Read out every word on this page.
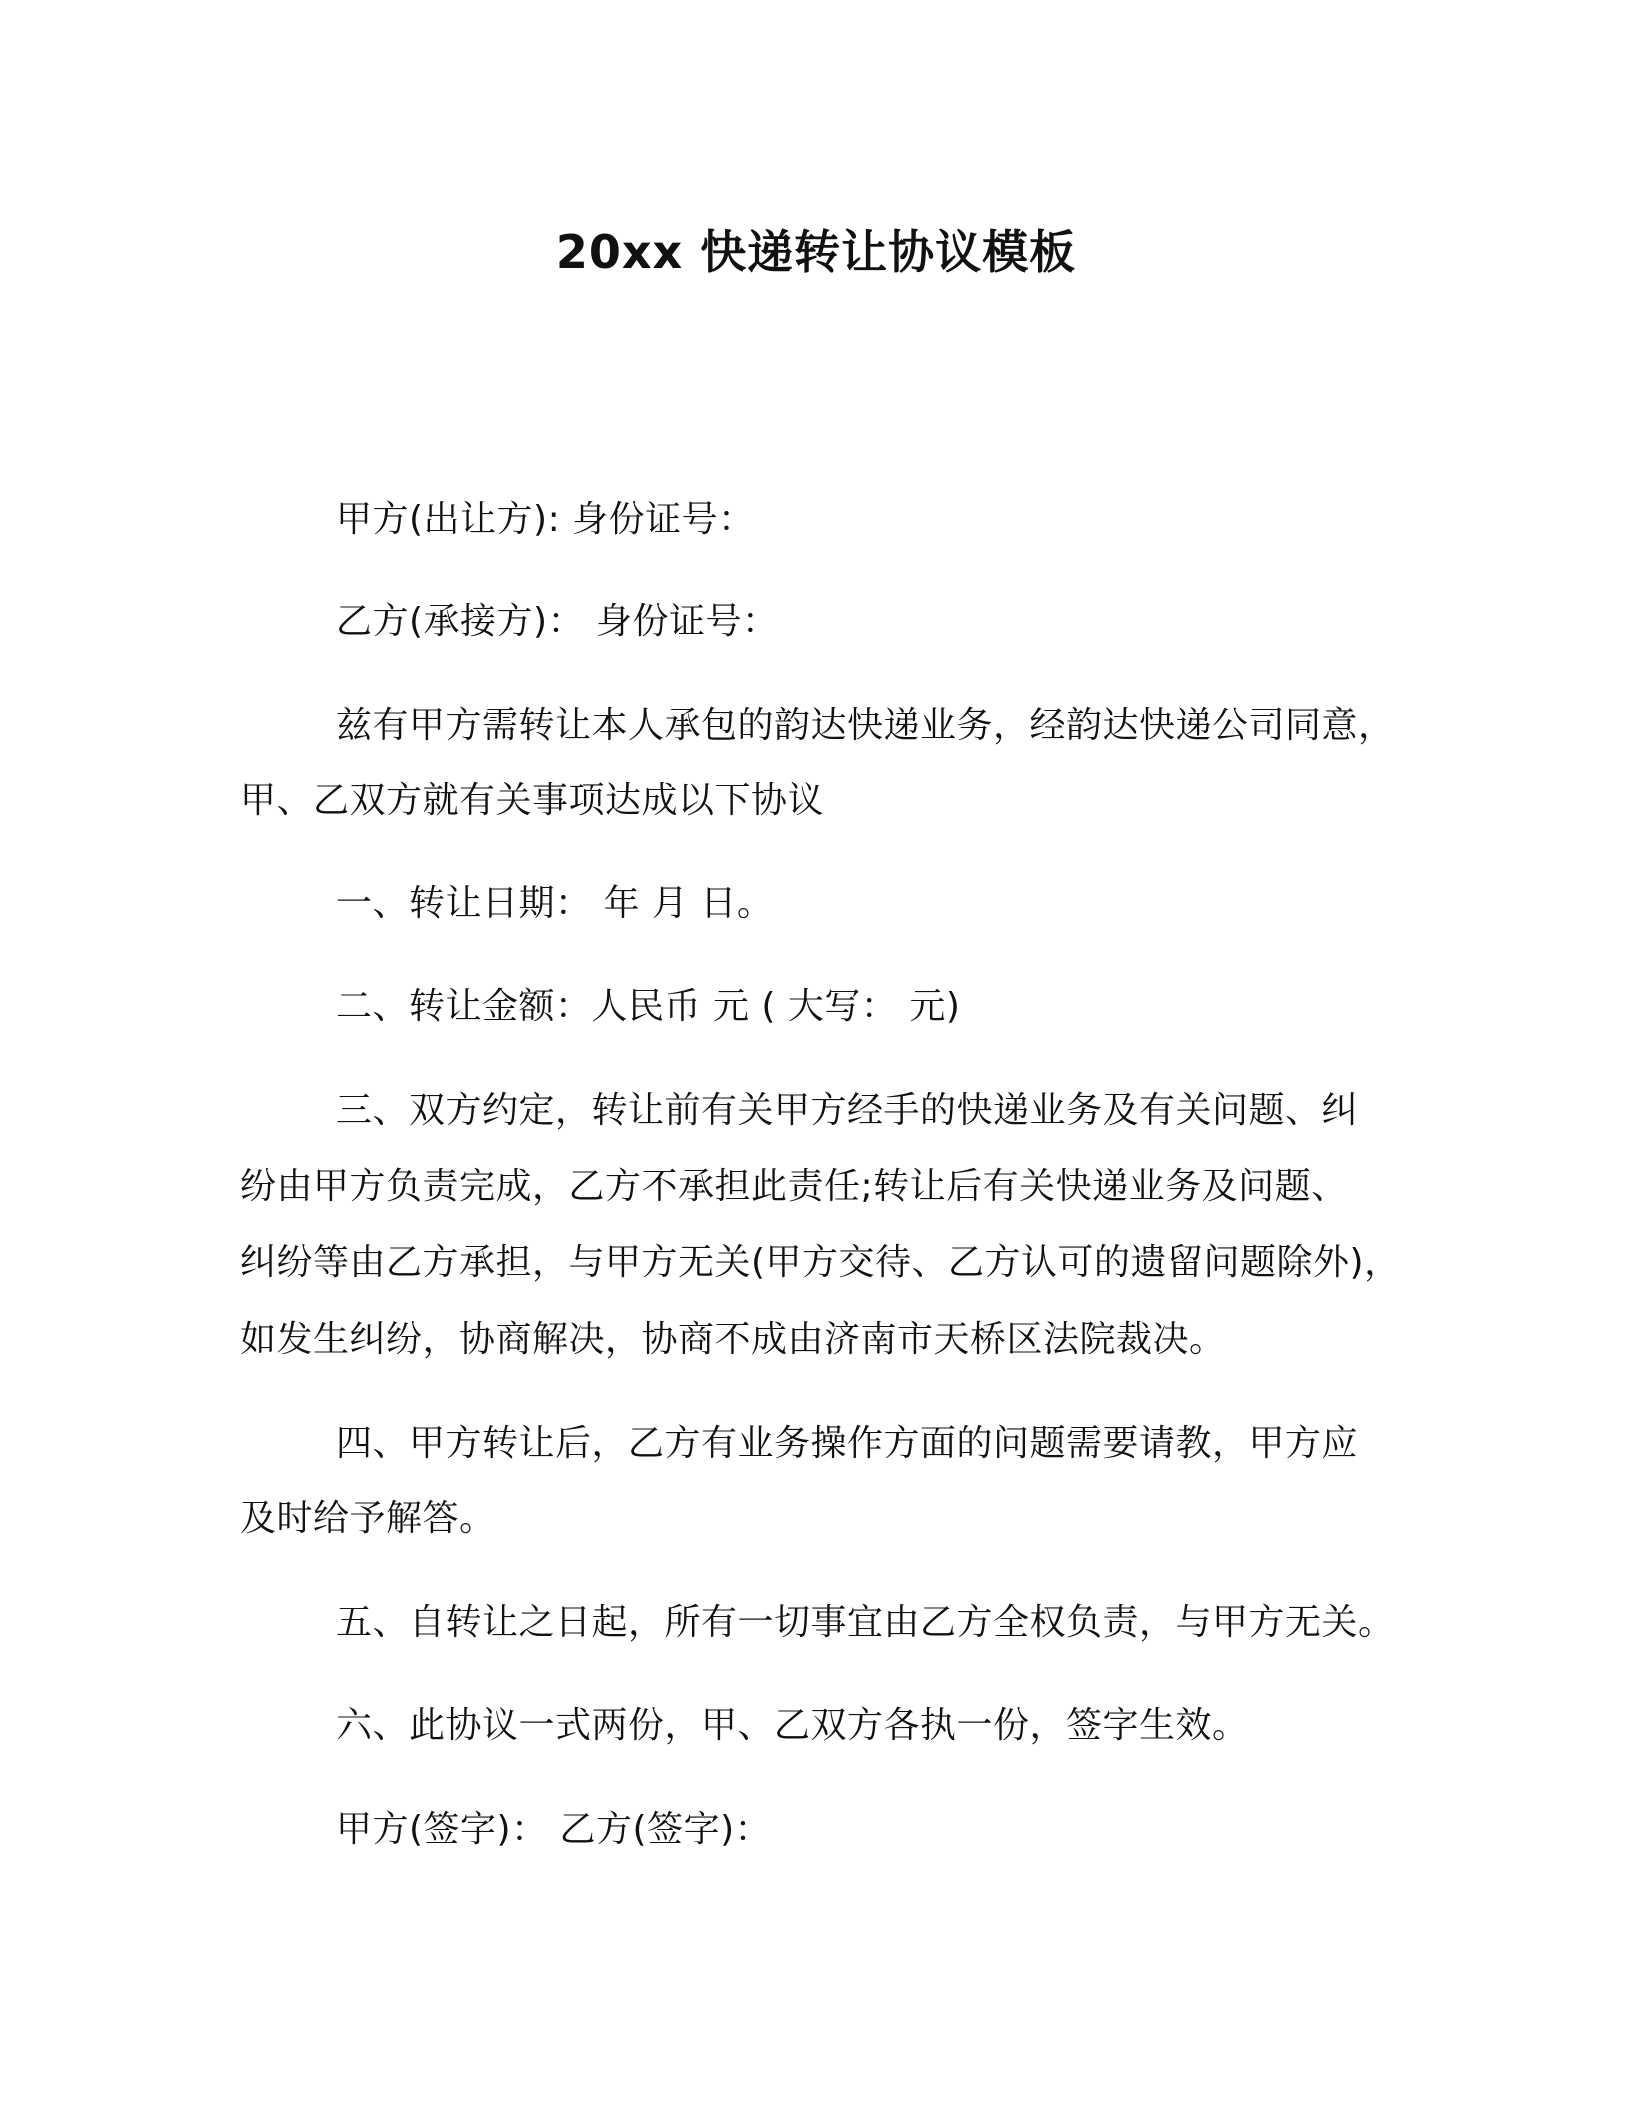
20xx 快递转让协议模板
甲方(出让方): 身份证号：
乙方(承接方)： 身份证号：
兹有甲方需转让本人承包的韵达快递业务，经韵达快递公司同意，
甲、乙双方就有关事项达成以下协议
一、转让日期： 年 月 日。
二、转让金额：人民币 元 ( 大写： 元)
三、双方约定，转让前有关甲方经手的快递业务及有关问题、纠
纷由甲方负责完成，乙方不承担此责任;转让后有关快递业务及问题、
纠纷等由乙方承担，与甲方无关(甲方交待、乙方认可的遗留问题除外)，
如发生纠纷，协商解决，协商不成由济南市天桥区法院裁决。
四、甲方转让后，乙方有业务操作方面的问题需要请教，甲方应
及时给予解答。
五、自转让之日起，所有一切事宜由乙方全权负责，与甲方无关。
六、此协议一式两份，甲、乙双方各执一份，签字生效。
甲方(签字)： 乙方(签字)：
